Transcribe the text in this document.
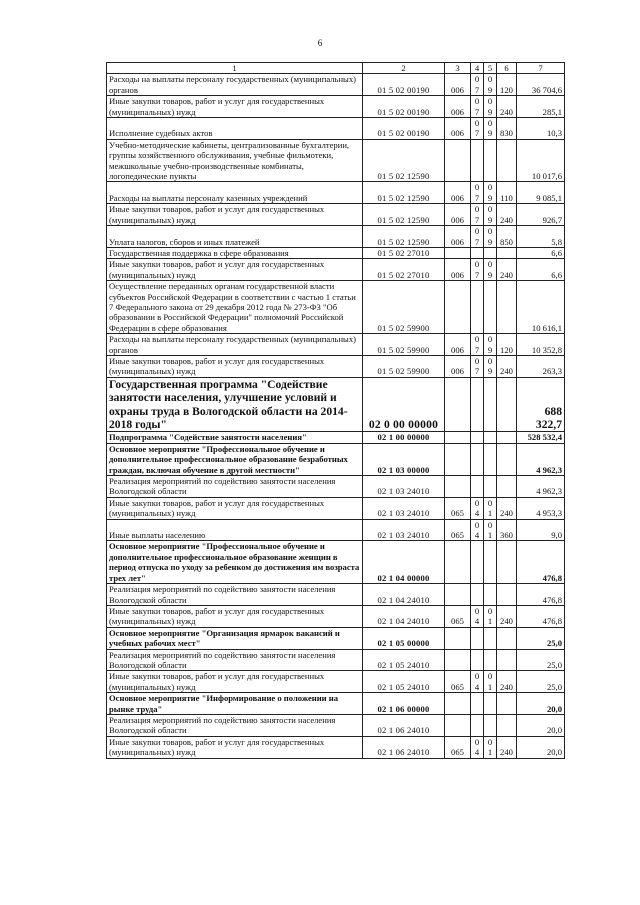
6
1	2	3	4	5	6	7
Расходы на выплаты персоналу государственных (муниципальных) органов	01 5 02 00190	006	07	09	120	36 704,6
Иные закупки товаров, работ и услуг для государственных (муниципальных) нужд	01 5 02 00190	006	07	09	240	285,1
Исполнение судебных актов	01 5 02 00190	006	07	09	830	10,3
Учебно-методические кабинеты, централизованные бухгалтерии, группы хозяйственного обслуживания, учебные фильмотеки, межшкольные учебно-производственные комбинаты, логопедические пункты	01 5 02 12590					10 017,6
Расходы на выплаты персоналу казенных учреждений	01 5 02 12590	006	07	09	110	9 085,1
Иные закупки товаров, работ и услуг для государственных (муниципальных) нужд	01 5 02 12590	006	07	09	240	926,7
Уплата налогов, сборов и иных платежей	01 5 02 12590	006	07	09	850	5,8
Государственная поддержка в сфере образования	01 5 02 27010					6,6
Иные закупки товаров, работ и услуг для государственных (муниципальных) нужд	01 5 02 27010	006	07	09	240	6,6
Осуществление переданных органам государственной власти субъектов Российской Федерации в соответствии с частью 1 статьи 7 Федерального закона от 29 декабря 2012 года № 273-ФЗ "Об образовании в Российской Федерации" полномочий Российской Федерации в сфере образования	01 5 02 59900					10 616,1
Расходы на выплаты персоналу государственных (муниципальных) органов	01 5 02 59900	006	07	09	120	10 352,8
Иные закупки товаров, работ и услуг для государственных (муниципальных) нужд	01 5 02 59900	006	07	09	240	263,3
Государственная программа "Содействие занятости населения, улучшение условий и охраны труда в Вологодской области на 2014-2018 годы"	02 0 00 00000					688 322,7
Подпрограмма "Содействие занятости населения"	02 1 00 00000					528 532,4
Основное мероприятие "Профессиональное обучение и дополнительное профессиональное образование безработных граждан, включая обучение в другой местности"	02 1 03 00000					4 962,3
Реализация мероприятий по содействию занятости населения Вологодской области	02 1 03 24010					4 962,3
Иные закупки товаров, работ и услуг для государственных (муниципальных) нужд	02 1 03 24010	065	04	01	240	4 953,3
Иные выплаты населению	02 1 03 24010	065	04	01	360	9,0
Основное мероприятие "Профессиональное обучение и дополнительное профессиональное образование женщин в период отпуска по уходу за ребенком до достижения им возраста трех лет"	02 1 04 00000					476,8
Реализация мероприятий по содействию занятости населения Вологодской области	02 1 04 24010					476,8
Иные закупки товаров, работ и услуг для государственных (муниципальных) нужд	02 1 04 24010	065	04	01	240	476,8
Основное мероприятие "Организация ярмарок вакансий и учебных рабочих мест"	02 1 05 00000					25,0
Реализация мероприятий по содействию занятости населения Вологодской области	02 1 05 24010					25,0
Иные закупки товаров, работ и услуг для государственных (муниципальных) нужд	02 1 05 24010	065	04	01	240	25,0
Основное мероприятие "Информирование о положении на рынке труда"	02 1 06 00000					20,0
Реализация мероприятий по содействию занятости населения Вологодской области	02 1 06 24010					20,0
Иные закупки товаров, работ и услуг для государственных (муниципальных) нужд	02 1 06 24010	065	04	01	240	20,0
